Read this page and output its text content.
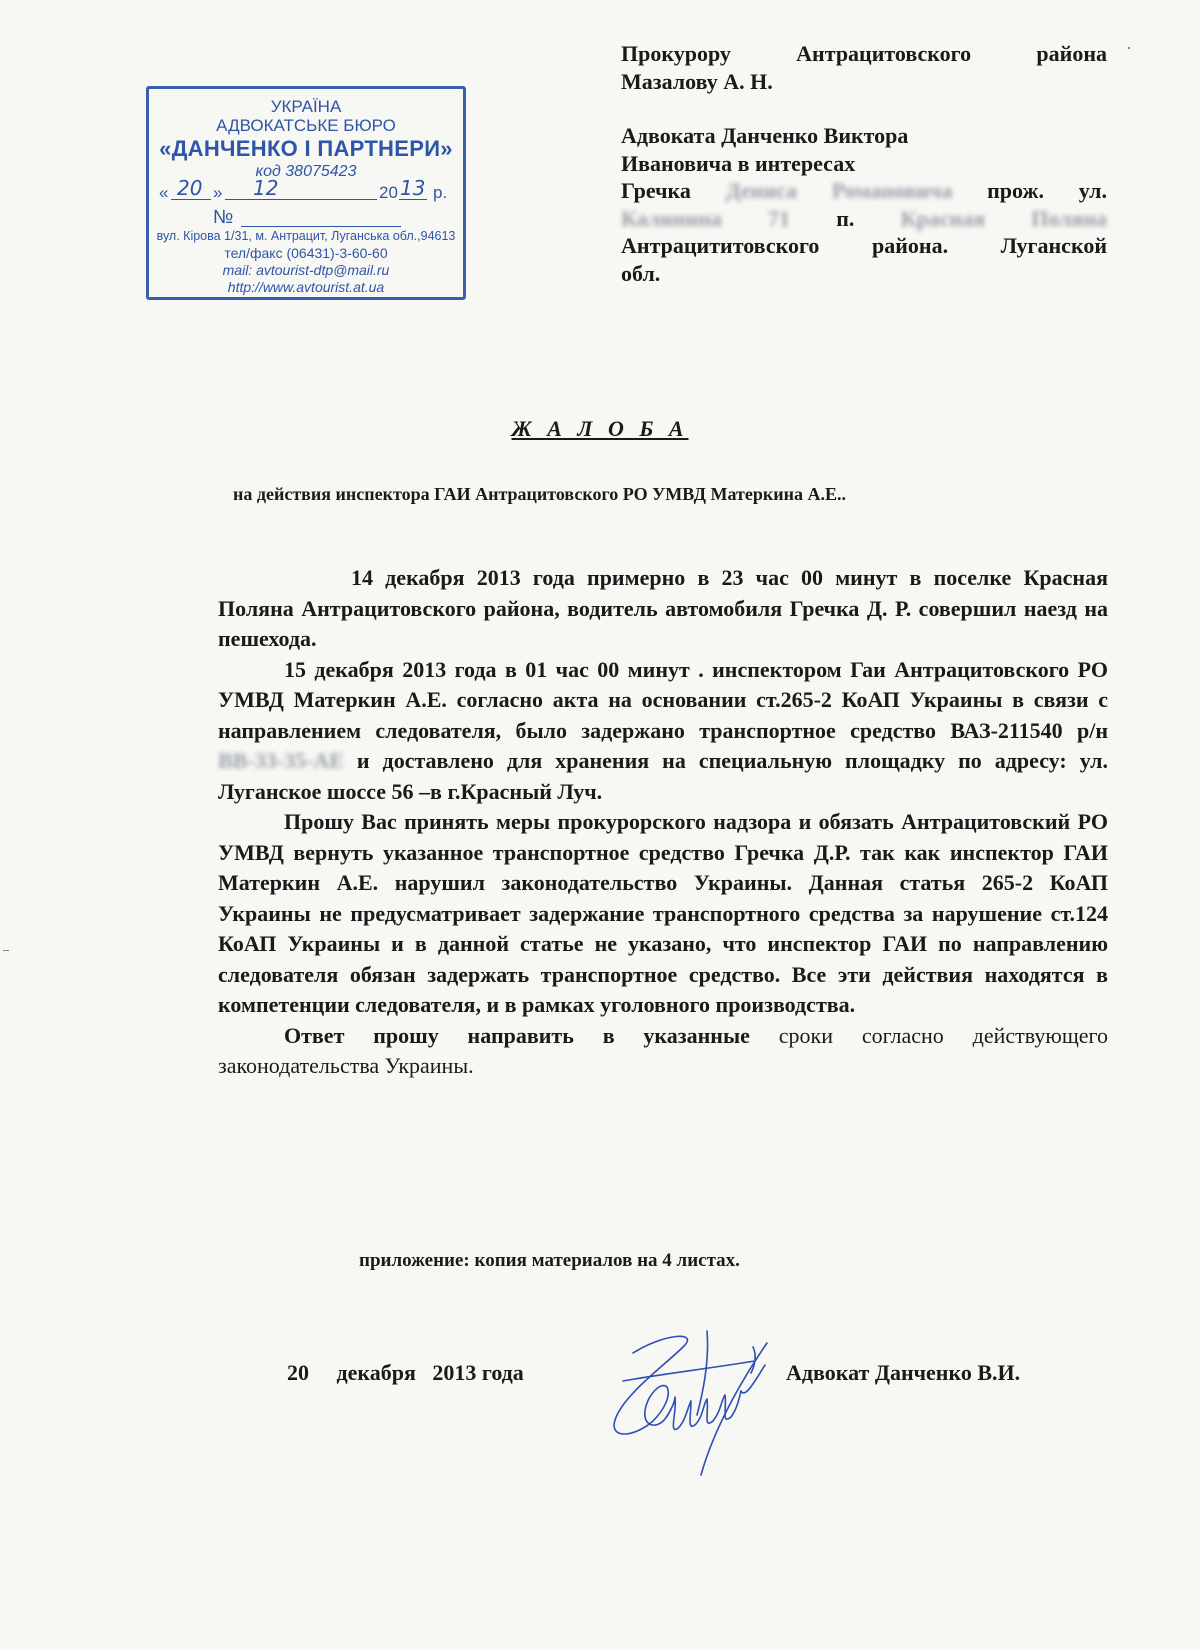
УКРАЇНА
АДВОКАТСЬКЕ БЮРО
«ДАНЧЕНКО І ПАРТНЕРИ»
код 38075423
« 20 » 12	20 13 р.
№
вул. Кірова 1/31, м. Антрацит, Луганська обл.,94613
тел/факс (06431)-3-60-60
mail: avtourist-dtp@mail.ru
http://www.avtourist.at.ua
Прокурору Антрацитовского	района
Мазалову А. Н.
Адвоката Данченко Виктора
Ивановича в интересах
Гречка Дениса Романовича прож. ул.
Калинина 71 п. Красная Поляна
Антрацититовского района. Луганской
обл.
Ж А Л О Б А
на действия инспектора ГАИ Антрацитовского РО УМВД Матеркина А.Е..

14 декабря 2013 года примерно в 23 час 00 минут в поселке Красная Поляна Антрацитовского района, водитель автомобиля Гречка Д. Р. совершил наезд на пешехода.

15 декабря 2013 года в 01 час 00 минут . инспектором Гаи Антрацитовского РО УМВД Матеркин А.Е. согласно акта на основании ст.265-2 КоАП Украины в связи с направлением следователя, было задержано транспортное средство ВАЗ-211540 р/н ВВ-33-35-АЕ и доставлено для хранения на специальную площадку по адресу: ул. Луганское шоссе 56 –в г.Красный Луч.

Прошу Вас принять меры прокурорского надзора и обязать Антрацитовский РО УМВД вернуть указанное транспортное средство Гречка Д.Р. так как инспектор ГАИ Матеркин А.Е. нарушил законодательство Украины. Данная статья 265-2 КоАП Украины не предусматривает задержание транспортного средства за нарушение ст.124 КоАП Украины и в данной статье не указано, что инспектор ГАИ по направлению следователя обязан задержать транспортное средство. Все эти действия находятся в компетенции следователя, и в рамках уголовного производства.

Ответ прошу направить в указанные сроки согласно действующего законодательства Украины.

приложение: копия материалов на 4 листах.
20     декабря   2013 года	Адвокат Данченко В.И.
